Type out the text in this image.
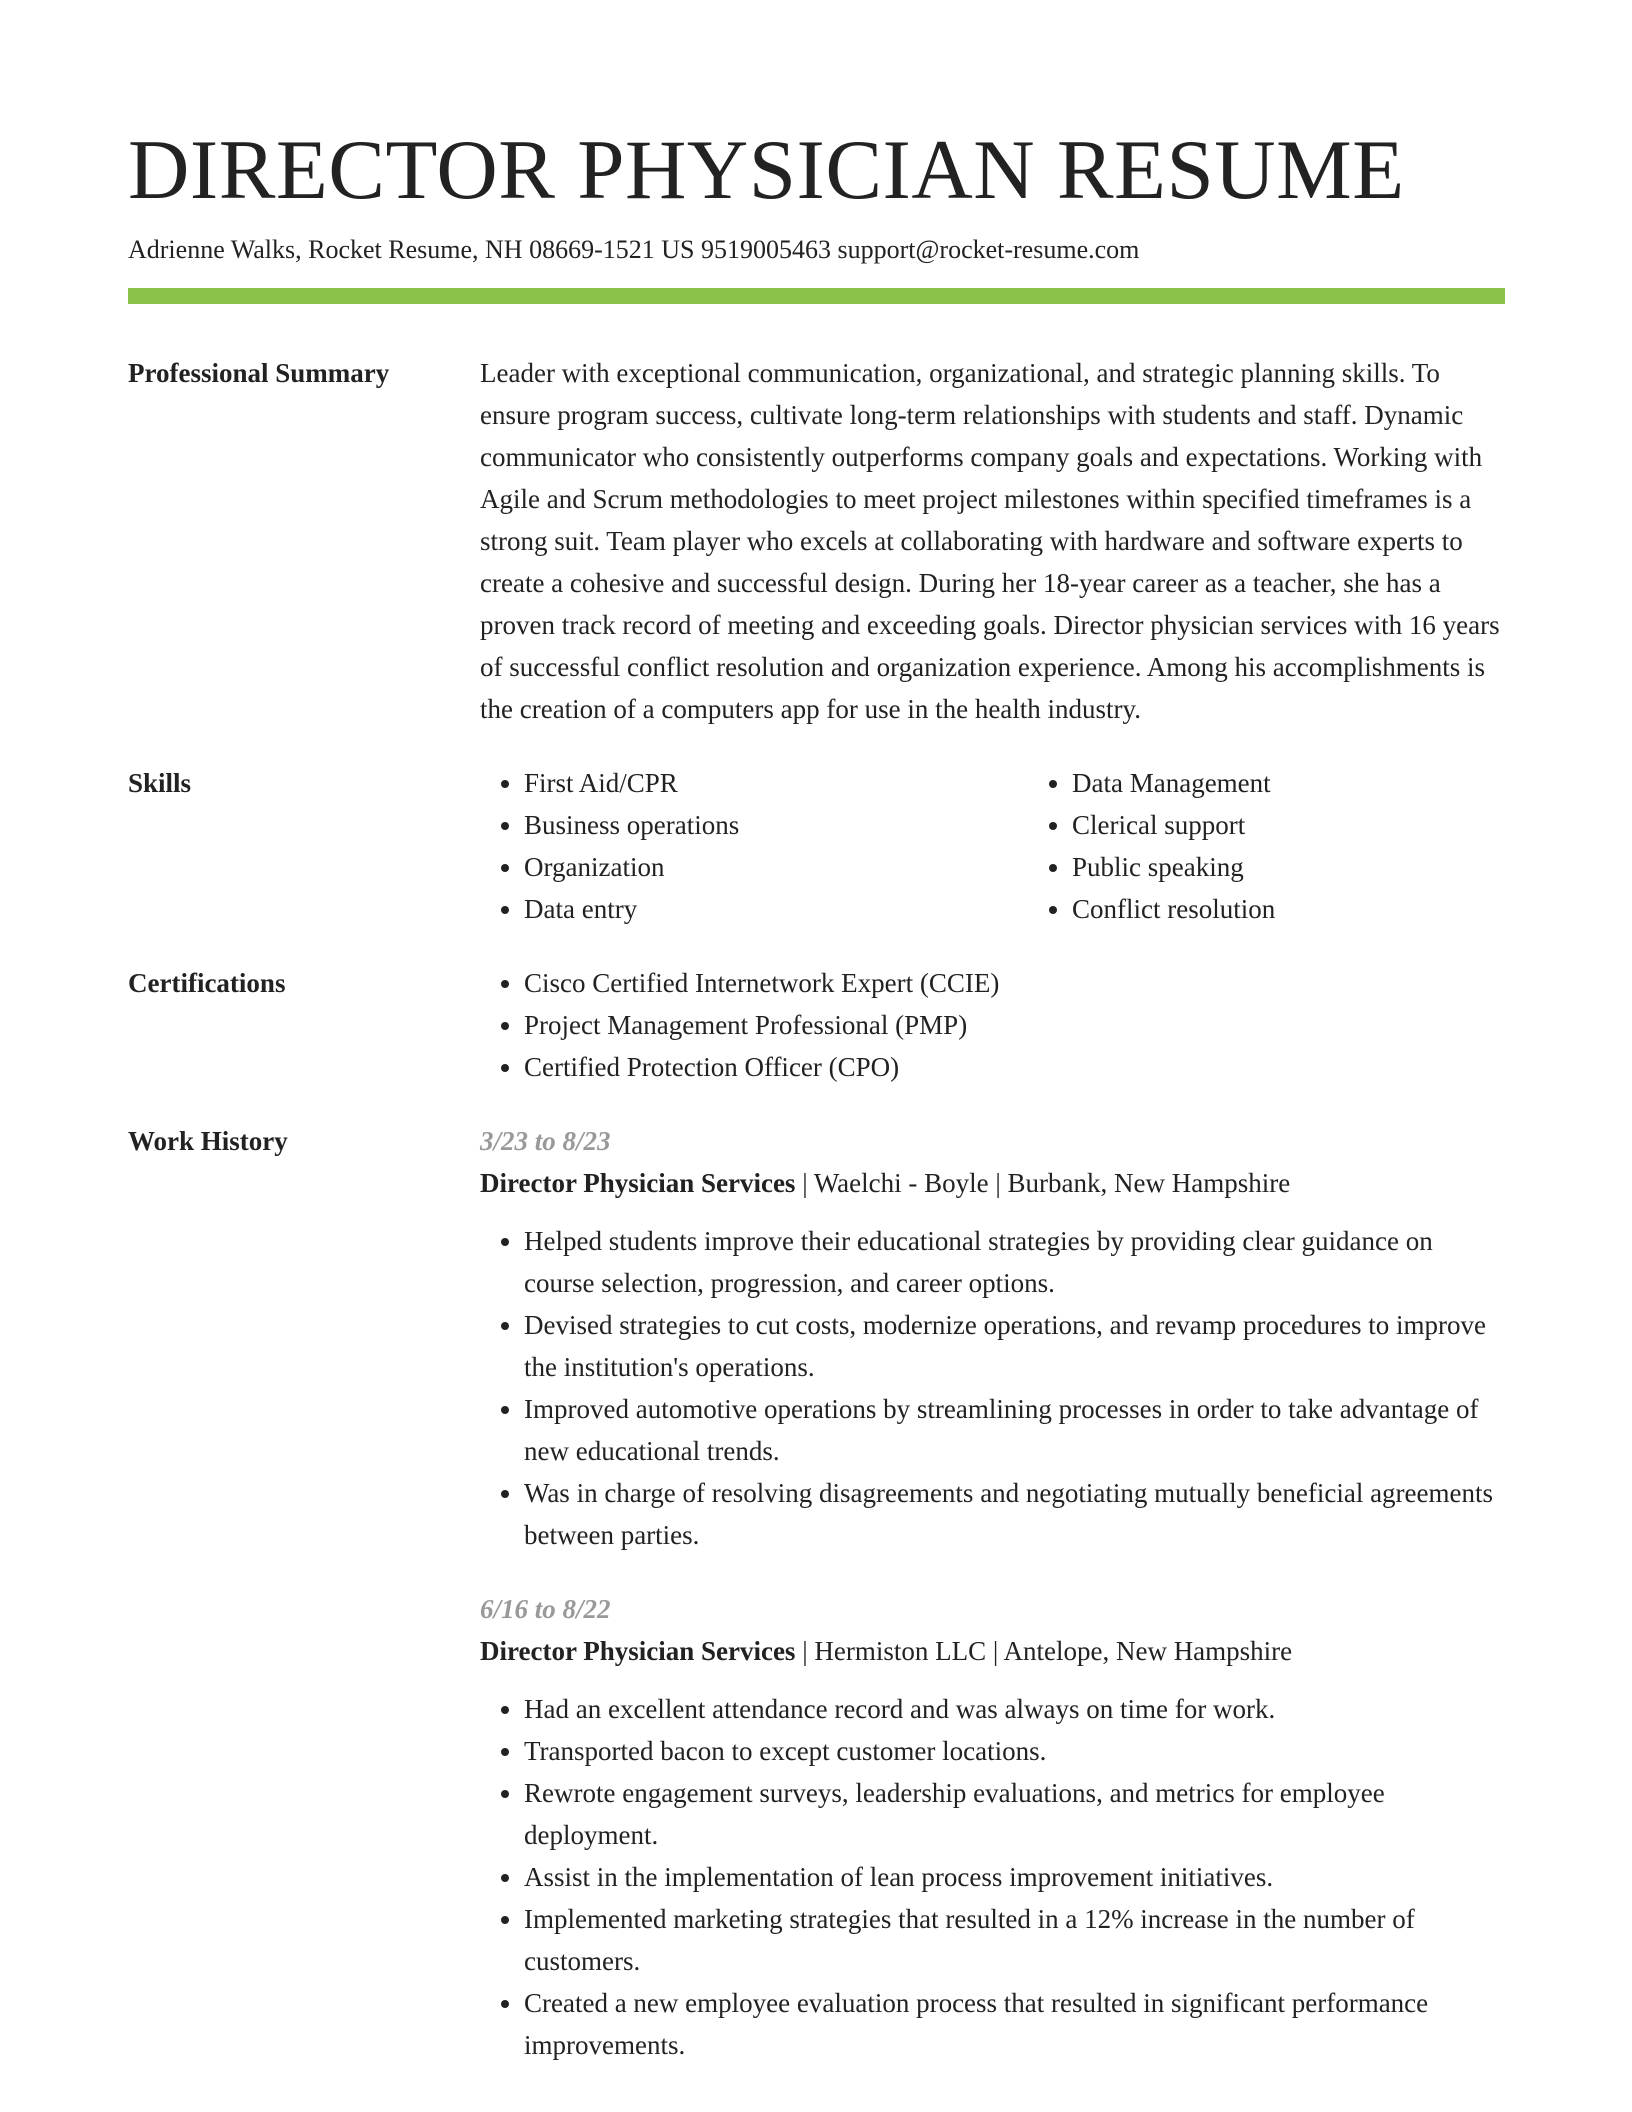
DIRECTOR PHYSICIAN RESUME
Adrienne Walks, Rocket Resume, NH 08669-1521 US 9519005463 support@rocket-resume.com
Professional Summary	Leader with exceptional communication, organizational, and strategic planning skills. To ensure program success, cultivate long-term relationships with students and staff. Dynamic communicator who consistently outperforms company goals and expectations. Working with Agile and Scrum methodologies to meet project milestones within specified timeframes is a strong suit. Team player who excels at collaborating with hardware and software experts to create a cohesive and successful design. During her 18-year career as a teacher, she has a proven track record of meeting and exceeding goals. Director physician services with 16 years of successful conflict resolution and organization experience. Among his accomplishments is the creation of a computers app for use in the health industry.

Skills	• First Aid/CPR
• Business operations
• Organization
• Data entry
• Data Management
• Clerical support
• Public speaking
• Conflict resolution
Certifications	• Cisco Certified Internetwork Expert (CCIE)
• Project Management Professional (PMP)
• Certified Protection Officer (CPO)
Work History	3/23 to 8/23
Director Physician Services | Waelchi - Boyle | Burbank, New Hampshire
• Helped students improve their educational strategies by providing clear guidance on course selection, progression, and career options.
• Devised strategies to cut costs, modernize operations, and revamp procedures to improve the institution's operations.
• Improved automotive operations by streamlining processes in order to take advantage of new educational trends.
• Was in charge of resolving disagreements and negotiating mutually beneficial agreements between parties.
6/16 to 8/22
Director Physician Services | Hermiston LLC | Antelope, New Hampshire
• Had an excellent attendance record and was always on time for work.
• Transported bacon to except customer locations.
• Rewrote engagement surveys, leadership evaluations, and metrics for employee deployment.
• Assist in the implementation of lean process improvement initiatives.
• Implemented marketing strategies that resulted in a 12% increase in the number of customers.
• Created a new employee evaluation process that resulted in significant performance improvements.
